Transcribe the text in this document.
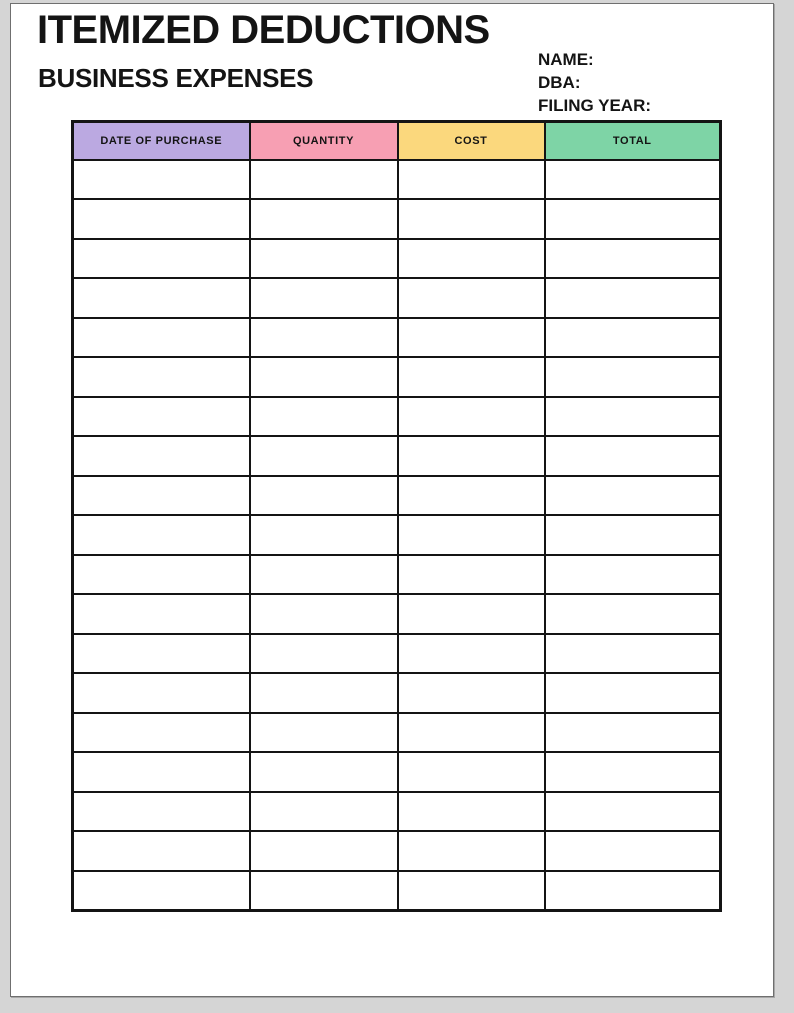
ITEMIZED DEDUCTIONS
BUSINESS EXPENSES
NAME:
DBA:
FILING YEAR:
DATE OF PURCHASE	QUANTITY	COST	TOTAL
